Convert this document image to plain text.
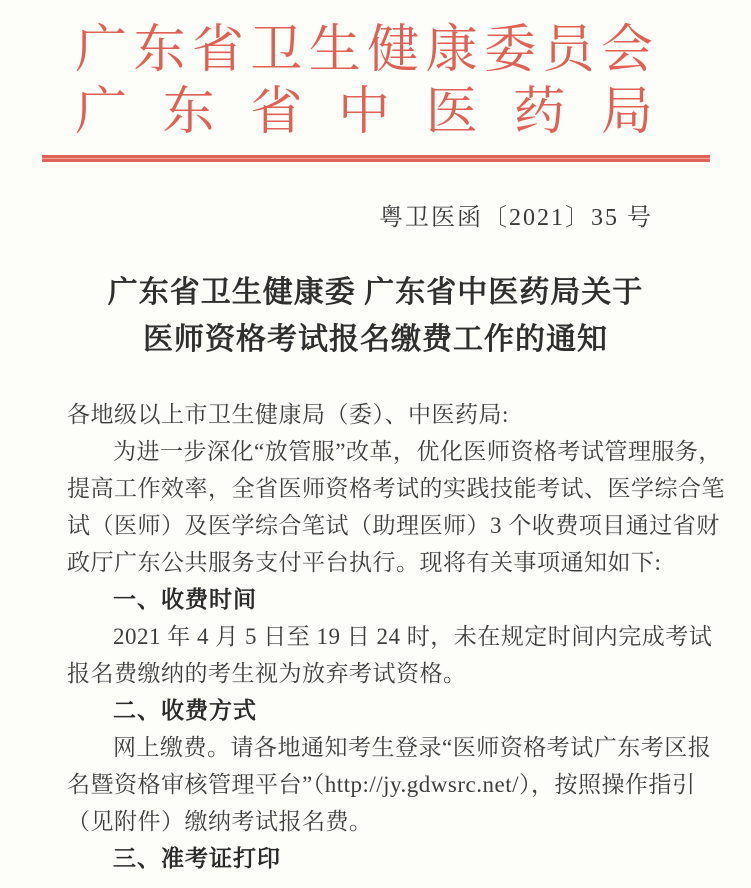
广 东 省 卫 生 健 康 委 员 会
广 东 省 中 医 药 局
粤卫医函〔2021〕35 号
广东省卫生健康委 广东省中医药局关于
医师资格考试报名缴费工作的通知
各地级以上市卫生健康局（委）、中医药局:
为进一步深化“放管服”改革，优化医师资格考试管理服务，
提高工作效率，全省医师资格考试的实践技能考试、医学综合笔
试（医师）及医学综合笔试（助理医师）3 个收费项目通过省财
政厅广东公共服务支付平台执行。现将有关事项通知如下:
一、收费时间
2021 年 4 月 5 日至 19 日 24 时，未在规定时间内完成考试
报名费缴纳的考生视为放弃考试资格。
二、收费方式
网上缴费。请各地通知考生登录“医师资格考试广东考区报
名暨资格审核管理平台”（http://jy.gdwsrc.net/），按照操作指引
（见附件）缴纳考试报名费。
三、准考证打印
